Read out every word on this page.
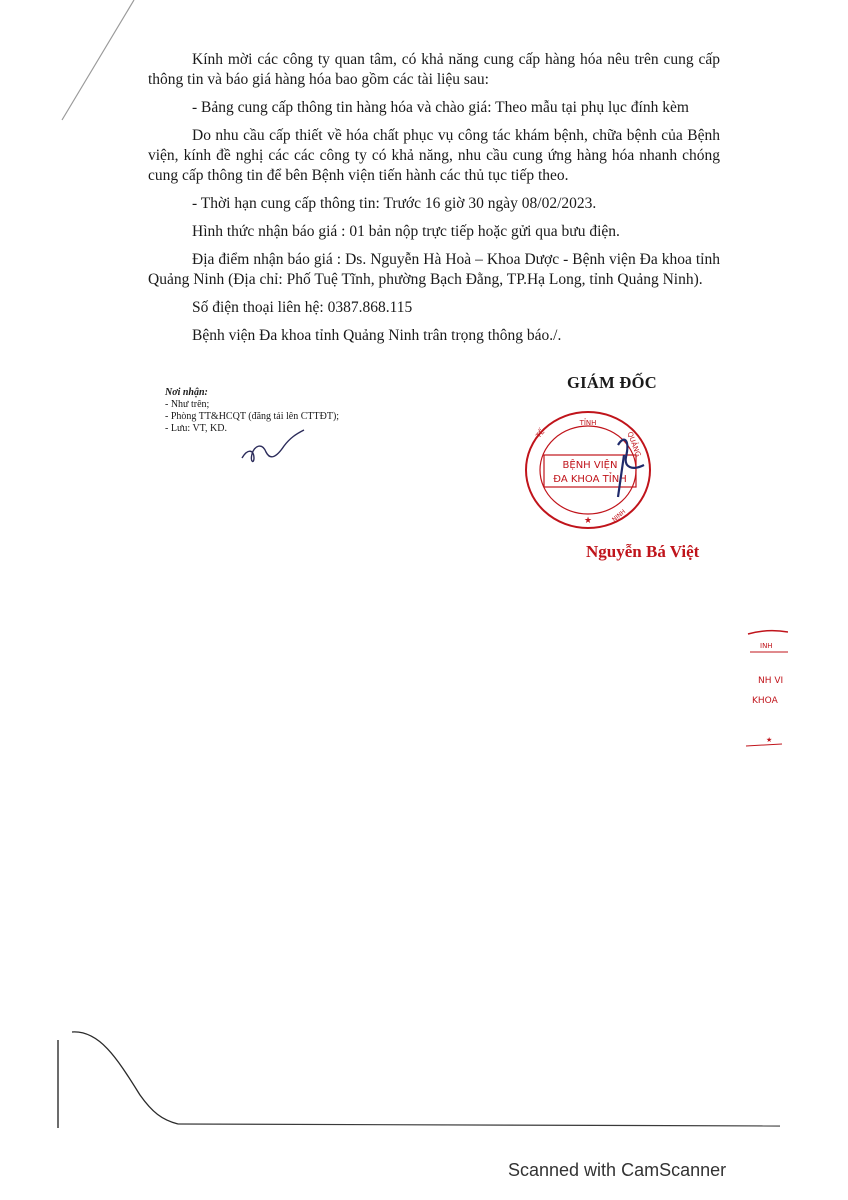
Kính mời các công ty quan tâm, có khả năng cung cấp hàng hóa nêu trên cung cấp thông tin và báo giá hàng hóa bao gồm các tài liệu sau:

- Bảng cung cấp thông tin hàng hóa và chào giá: Theo mẫu tại phụ lục đính kèm

Do nhu cầu cấp thiết về hóa chất phục vụ công tác khám bệnh, chữa bệnh của Bệnh viện, kính đề nghị các các công ty có khả năng, nhu cầu cung ứng hàng hóa nhanh chóng cung cấp thông tin để bên Bệnh viện tiến hành các thủ tục tiếp theo.

- Thời hạn cung cấp thông tin: Trước 16 giờ 30 ngày 08/02/2023.

Hình thức nhận báo giá : 01 bản nộp trực tiếp hoặc gửi qua bưu điện.

Địa điểm nhận báo giá : Ds. Nguyễn Hà Hoà – Khoa Dược - Bệnh viện Đa khoa tỉnh Quảng Ninh (Địa chỉ: Phố Tuệ Tĩnh, phường Bạch Đằng, TP.Hạ Long, tỉnh Quảng Ninh).

Số điện thoại liên hệ: 0387.868.115

Bệnh viện Đa khoa tỉnh Quảng Ninh trân trọng thông báo./.

Nơi nhận:
- Như trên;
- Phòng TT&HCQT (đăng tải lên CTTĐT);
- Lưu: VT, KD.
GIÁM ĐỐC
TỈNH
TẾ	QUẢNG
NINH
BỆNH VIỆN
ĐA KHOA TỈNH
★
Nguyễn Bá Việt
INH
NH VI
KHOA
★
Scanned with CamScanner
